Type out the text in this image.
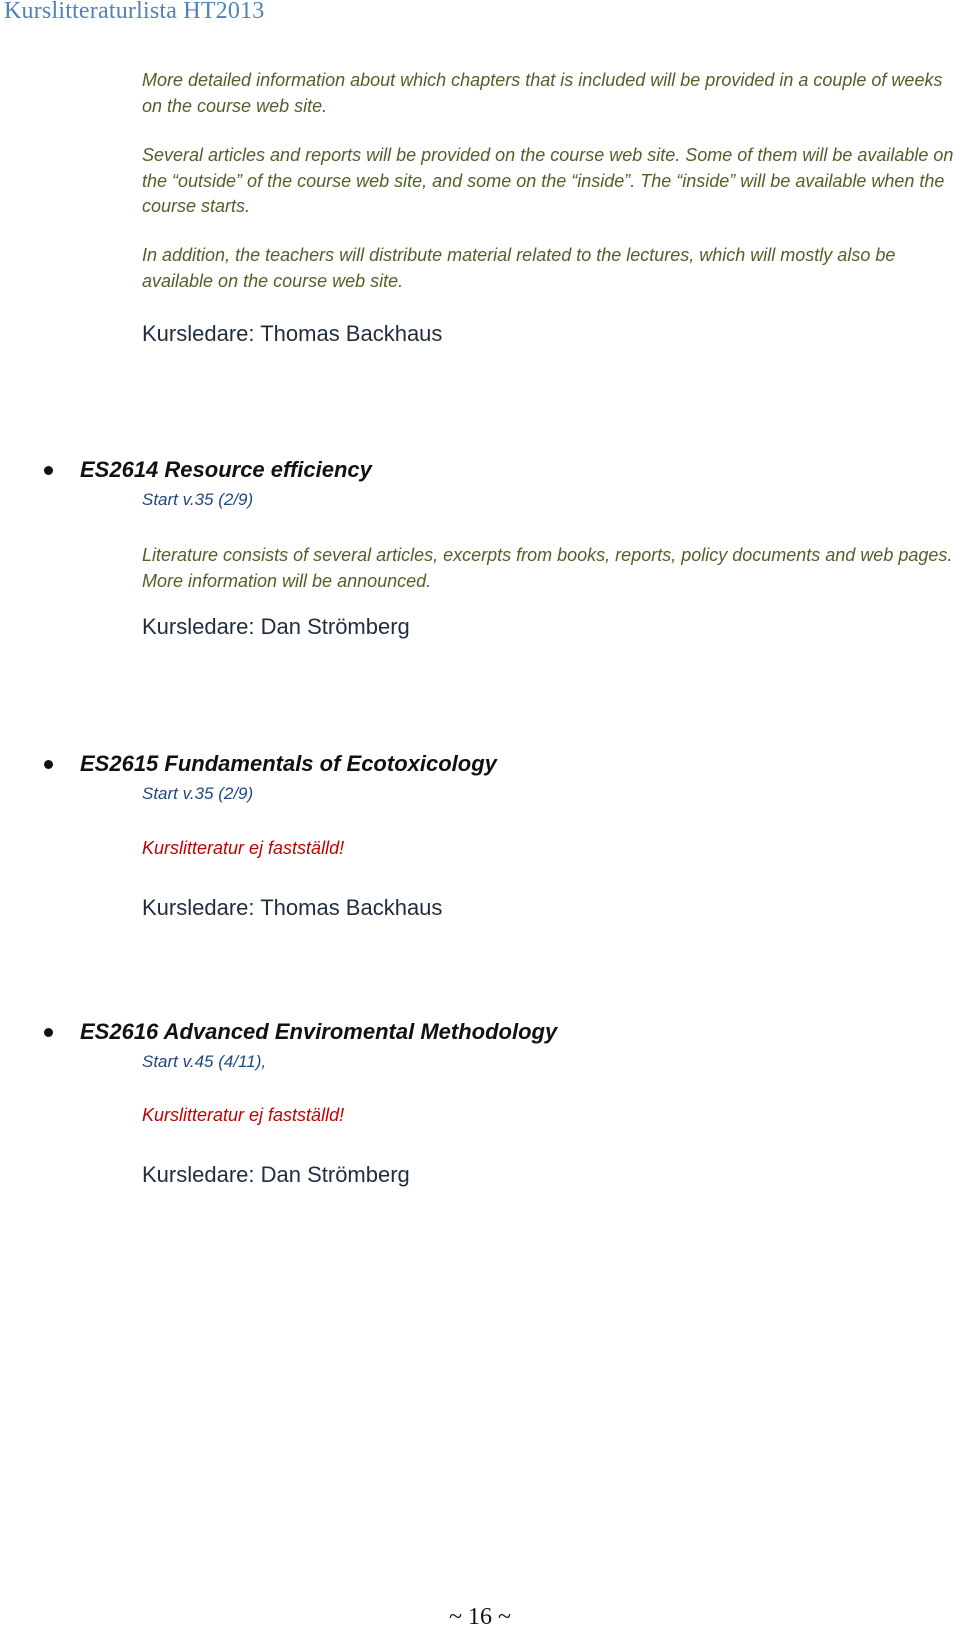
Kurslitteraturlista HT2013

More detailed information about which chapters that is included will be provided in a couple of weeks on the course web site.

Several articles and reports will be provided on the course web site. Some of them will be available on the “outside” of the course web site, and some on the “inside”. The “inside” will be available when the course starts.

In addition, the teachers will distribute material related to the lectures, which will mostly also be available on the course web site.

Kursledare: Thomas Backhaus

ES2614 Resource efficiency
Start v.35 (2/9)

Literature consists of several articles, excerpts from books, reports, policy documents and web pages. More information will be announced.

Kursledare: Dan Strömberg

ES2615 Fundamentals of Ecotoxicology
Start v.35 (2/9)
Kurslitteratur ej fastställd!

Kursledare: Thomas Backhaus

ES2616 Advanced Enviromental Methodology
Start v.45 (4/11),
Kurslitteratur ej fastställd!

Kursledare: Dan Strömberg

~ 16 ~
